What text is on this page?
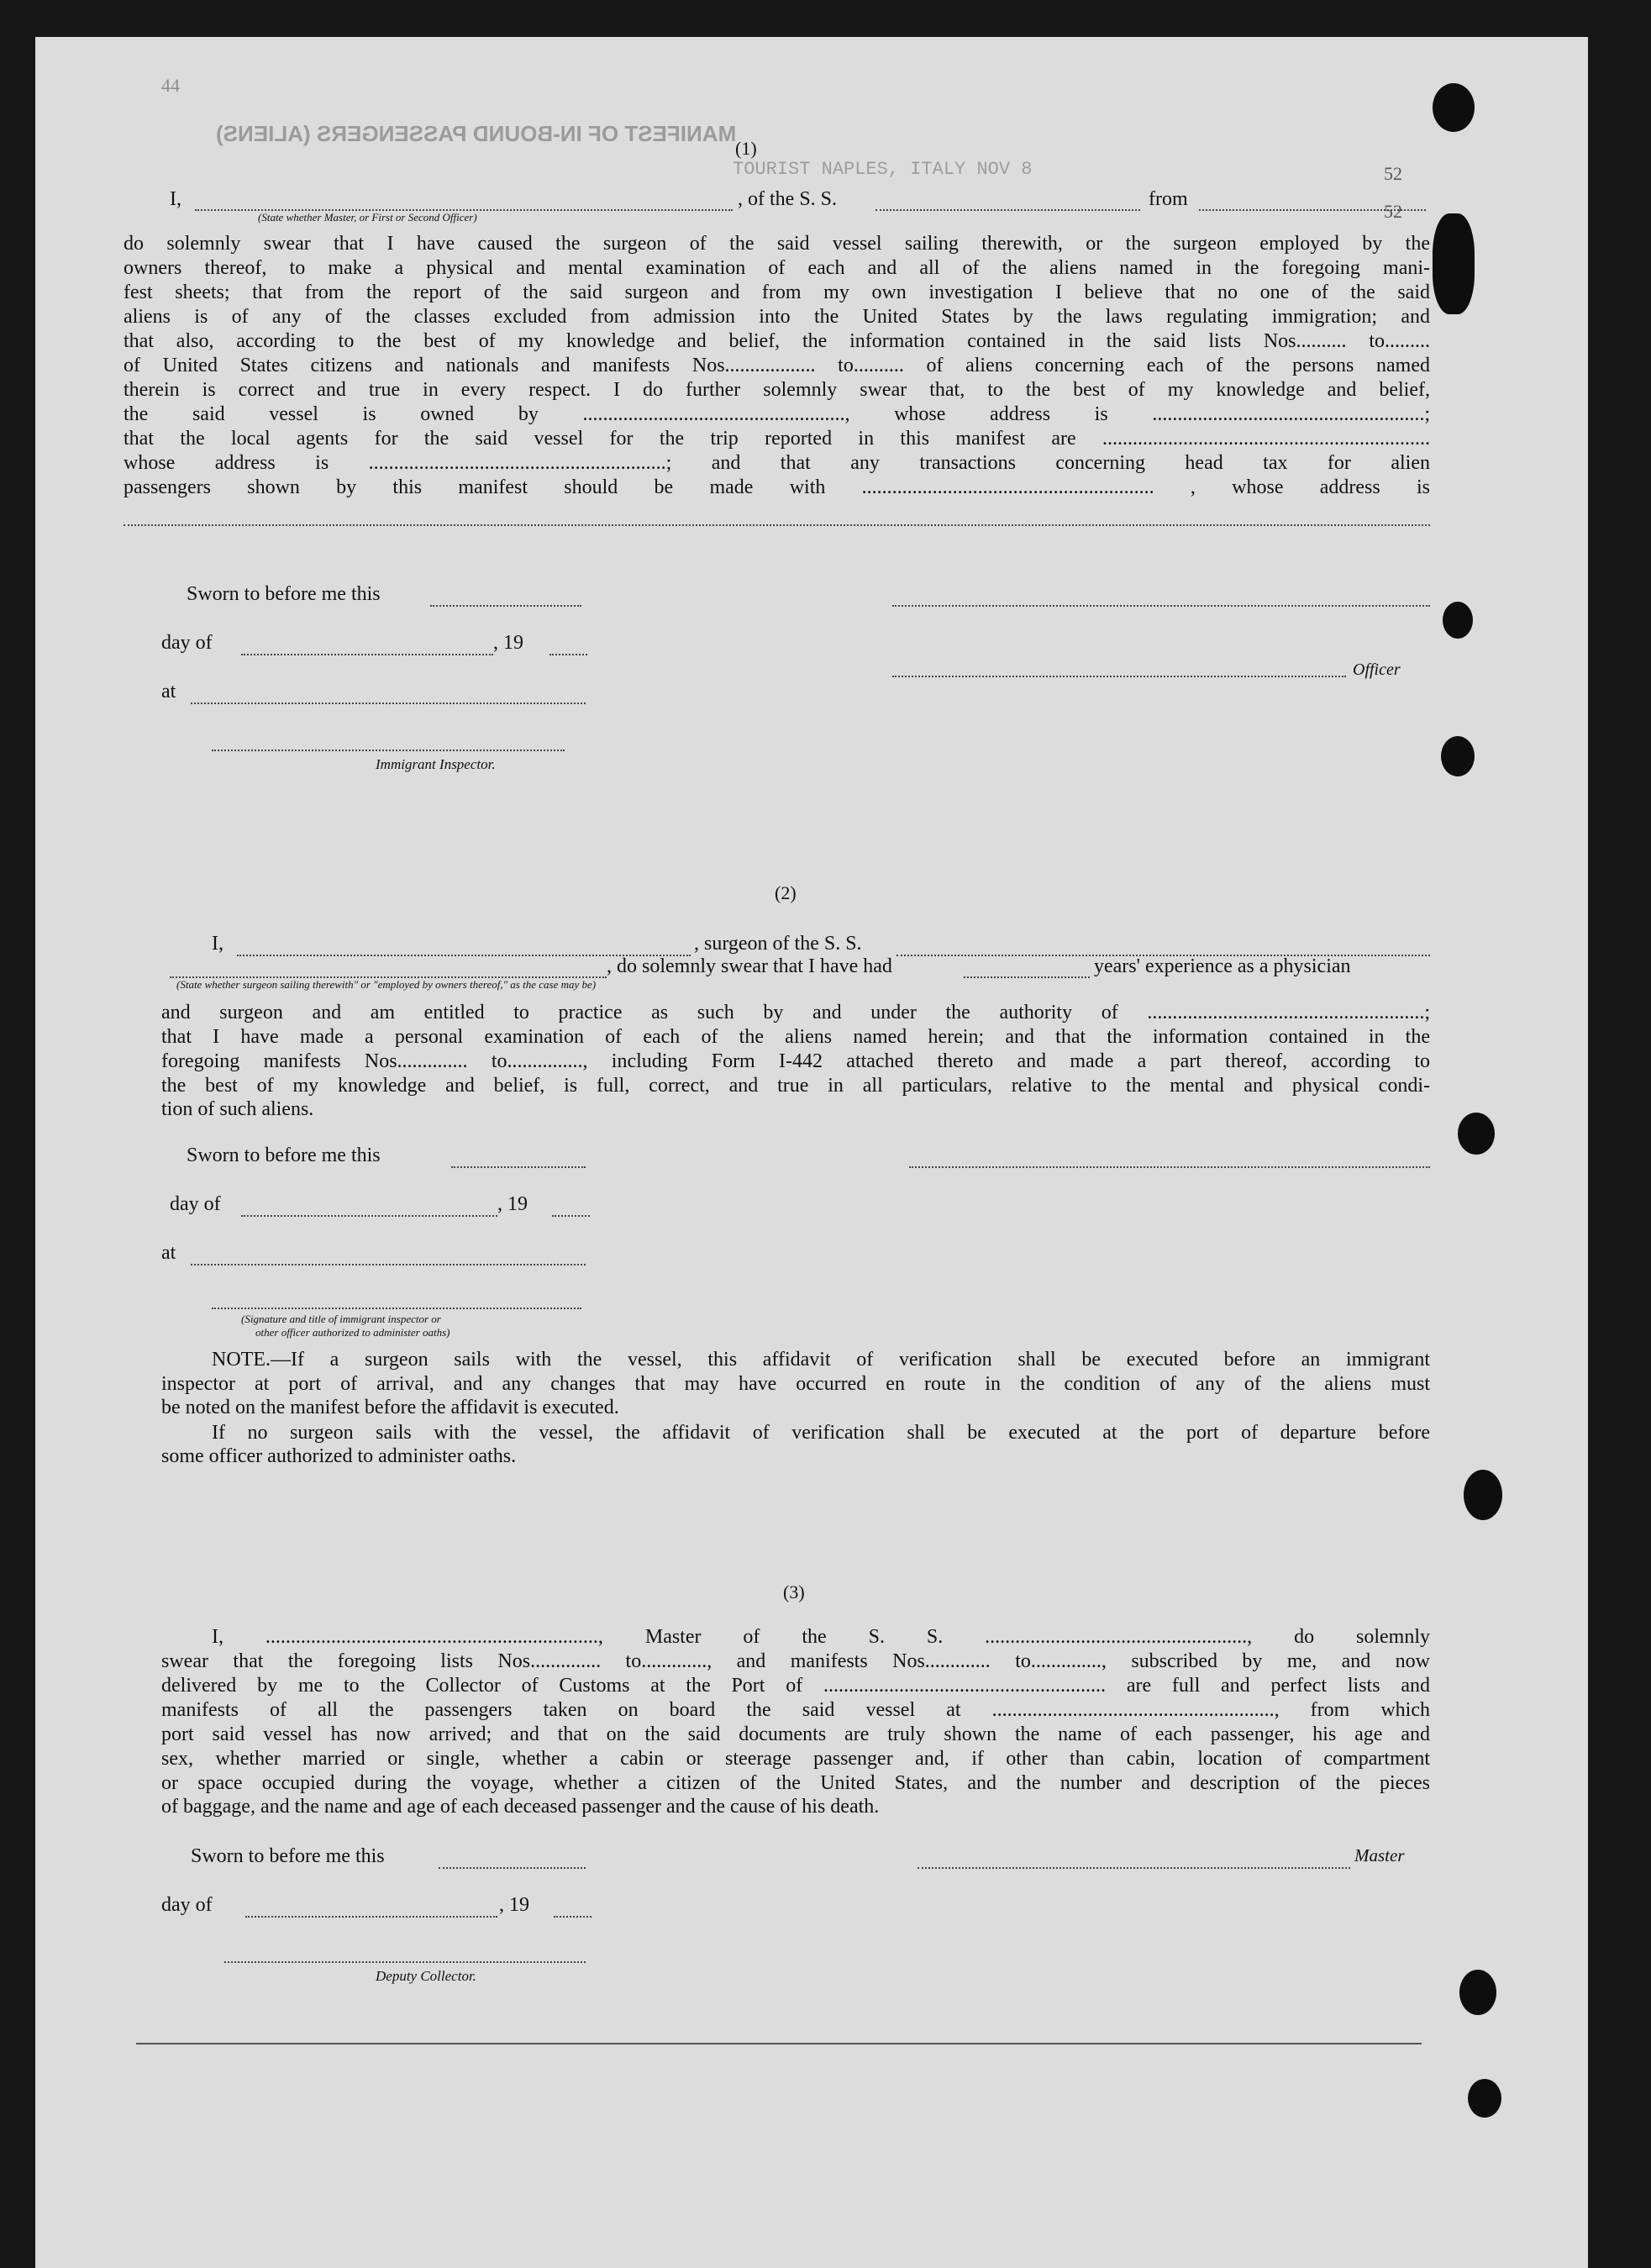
MANIFEST OF IN-BOUND PASSENGERS (ALIENS)
TOURIST NAPLES, ITALY NOV 8	52
52
44
(1)
I,	, of the S. S.	from
(State whether Master, or First or Second Officer)
do solemnly swear that I have caused the surgeon of the said vessel sailing therewith, or the surgeon employed by the
owners thereof, to make a physical and mental examination of each and all of the aliens named in the foregoing mani-
fest sheets; that from the report of the said surgeon and from my own investigation I believe that no one of the said
aliens is of any of the classes excluded from admission into the United States by the laws regulating immigration; and
that also, according to the best of my knowledge and belief, the information contained in the said lists Nos.......... to.........
of United States citizens and nationals and manifests Nos.................. to.......... of aliens concerning each of the persons named
therein is correct and true in every respect. I do further solemnly swear that, to the best of my knowledge and belief,
the said vessel is owned by ...................................................., whose address is ......................................................;
that the local agents for the said vessel for the trip reported in this manifest are .................................................................
whose address is ...........................................................; and that any transactions concerning head tax for alien
passengers shown by this manifest should be made with .......................................................... , whose address is
Sworn to before me this
day of	, 19
at
Officer
Immigrant Inspector.
(2)
I,	, surgeon of the S. S.
, do solemnly swear that I have had	years' experience as a physician
(State whether surgeon sailing therewith" or "employed by owners thereof," as the case may be)
and surgeon and am entitled to practice as such by and under the authority of .......................................................;
that I have made a personal examination of each of the aliens named herein; and that the information contained in the
foregoing manifests Nos.............. to..............., including Form I-442 attached thereto and made a part thereof, according to
the best of my knowledge and belief, is full, correct, and true in all particulars, relative to the mental and physical condi-
tion of such aliens.
Sworn to before me this
day of	, 19
at
(Signature and title of immigrant inspector or
other officer authorized to administer oaths)
NOTE.—If a surgeon sails with the vessel, this affidavit of verification shall be executed before an immigrant
inspector at port of arrival, and any changes that may have occurred en route in the condition of any of the aliens must
be noted on the manifest before the affidavit is executed.
If no surgeon sails with the vessel, the affidavit of verification shall be executed at the port of departure before
some officer authorized to administer oaths.
(3)
I, .................................................................., Master of the S. S. ...................................................., do solemnly
swear that the foregoing lists Nos.............. to............., and manifests Nos............. to.............., subscribed by me, and now
delivered by me to the Collector of Customs at the Port of ........................................................ are full and perfect lists and
manifests of all the passengers taken on board the said vessel at ........................................................, from which
port said vessel has now arrived; and that on the said documents are truly shown the name of each passenger, his age and
sex, whether married or single, whether a cabin or steerage passenger and, if other than cabin, location of compartment
or space occupied during the voyage, whether a citizen of the United States, and the number and description of the pieces
of baggage, and the name and age of each deceased passenger and the cause of his death.
Sworn to before me this	Master
day of	, 19
Deputy Collector.
